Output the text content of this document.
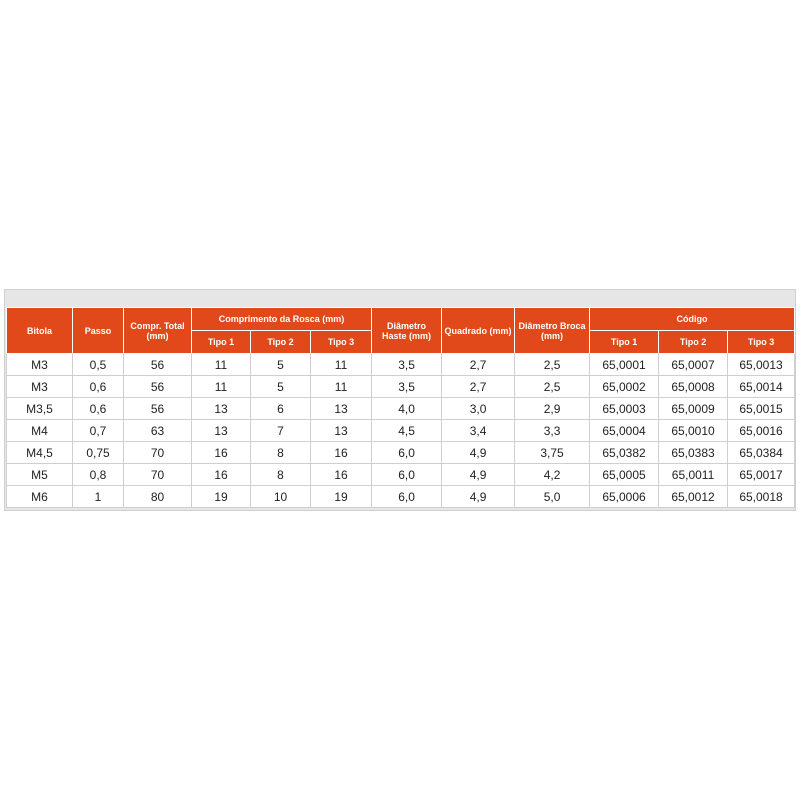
Bitola	Passo	Compr. Total (mm)	Comprimento da Rosca (mm)			Diâmetro Haste (mm)	Quadrado (mm)	Diâmetro Broca (mm)	Código		
			Tipo 1	Tipo 2	Tipo 3				Tipo 1	Tipo 2	Tipo 3
M3	0,5	56	11	5	11	3,5	2,7	2,5	65,0001	65,0007	65,0013
M3	0,6	56	11	5	11	3,5	2,7	2,5	65,0002	65,0008	65,0014
M3,5	0,6	56	13	6	13	4,0	3,0	2,9	65,0003	65,0009	65,0015
M4	0,7	63	13	7	13	4,5	3,4	3,3	65,0004	65,0010	65,0016
M4,5	0,75	70	16	8	16	6,0	4,9	3,75	65,0382	65,0383	65,0384
M5	0,8	70	16	8	16	6,0	4,9	4,2	65,0005	65,0011	65,0017
M6	1	80	19	10	19	6,0	4,9	5,0	65,0006	65,0012	65,0018
